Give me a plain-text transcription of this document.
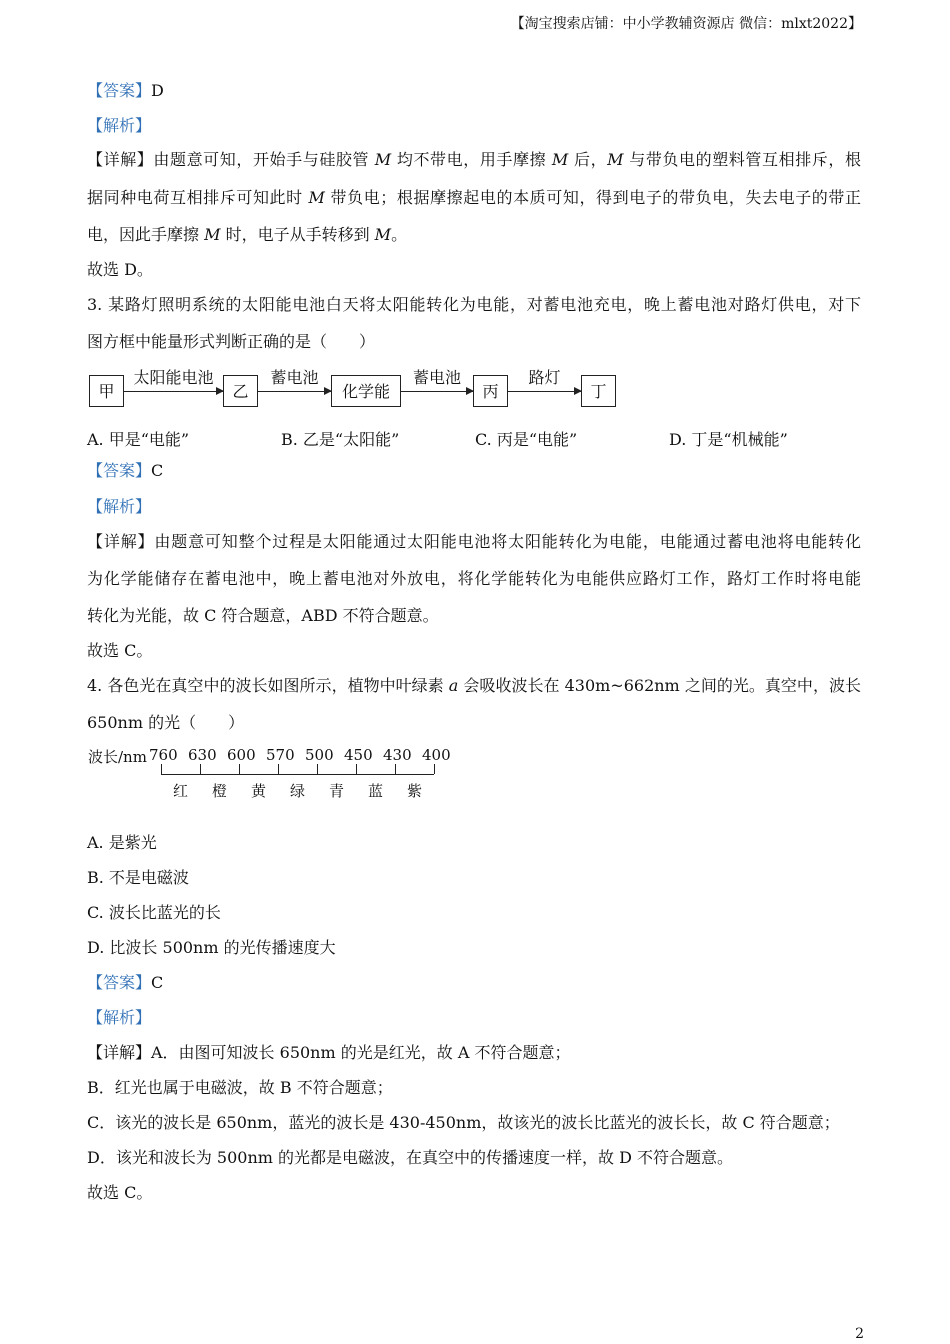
【淘宝搜索店铺：中小学教辅资源店 微信：mlxt2022】
【答案】D
【解析】
【详解】由题意可知，开始手与硅胶管 M 均不带电，用手摩擦 M 后，M 与带负电的塑料管互相排斥，根
据同种电荷互相排斥可知此时 M 带负电；根据摩擦起电的本质可知，得到电子的带负电，失去电子的带正
电，因此手摩擦 M 时，电子从手转移到 M。
故选 D。
3. 某路灯照明系统的太阳能电池白天将太阳能转化为电能，对蓄电池充电，晚上蓄电池对路灯供电，对下
图方框中能量形式判断正确的是（　　）
【答案】C
【解析】
【详解】由题意可知整个过程是太阳能通过太阳能电池将太阳能转化为电能，电能通过蓄电池将电能转化
为化学能储存在蓄电池中，晚上蓄电池对外放电，将化学能转化为电能供应路灯工作，路灯工作时将电能
转化为光能，故 C 符合题意，ABD 不符合题意。
故选 C。
4. 各色光在真空中的波长如图所示，植物中叶绿素 a 会吸收波长在 430m~662nm 之间的光。真空中，波长
650nm 的光（　　）
A. 是紫光
B. 不是电磁波
C. 波长比蓝光的长
D. 比波长 500nm 的光传播速度大
【答案】C
【解析】
【详解】A．由图可知波长 650nm 的光是红光，故 A 不符合题意；
B．红光也属于电磁波，故 B 不符合题意；
C．该光的波长是 650nm，蓝光的波长是 430-450nm，故该光的波长比蓝光的波长长，故 C 符合题意；
D．该光和波长为 500nm 的光都是电磁波，在真空中的传播速度一样，故 D 不符合题意。
故选 C。
甲	乙	化学能	丙	丁
太阳能电池	蓄电池	蓄电池	路灯
A. 甲是“电能”	B. 乙是“太阳能”	C. 丙是“电能”	D. 丁是“机械能”
波长/nm 760 630 600 570 500 450 430 400
红 橙 黄 绿 青 蓝 紫
2
